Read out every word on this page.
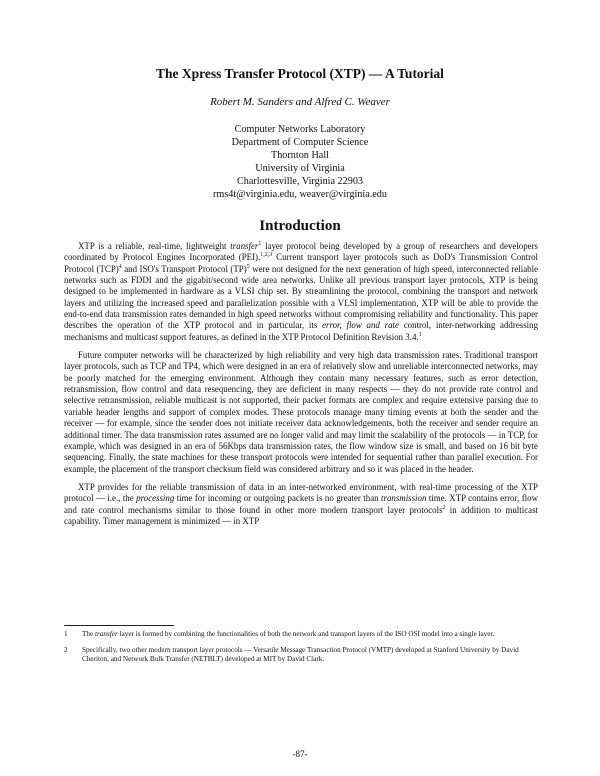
The Xpress Transfer Protocol (XTP) — A Tutorial
Robert M. Sanders and Alfred C. Weaver
Computer Networks Laboratory
Department of Computer Science
Thornton Hall
University of Virginia
Charlottesville, Virginia 22903
rms4t@virginia.edu, weaver@virginia.edu
Introduction

XTP is a reliable, real-time, lightweight transfer$^1$ layer protocol being developed by a group of researchers and developers coordinated by Protocol Engines Incorporated (PEI).$^{1,2,3}$ Current transport layer protocols such as DoD's Transmission Control Protocol (TCP)$^4$ and ISO's Transport Protocol (TP)$^5$ were not designed for the next generation of high speed, interconnected reliable networks such as FDDI and the gigabit/second wide area networks. Unlike all previous transport layer protocols, XTP is being designed to be implemented in hardware as a VLSI chip set. By streamlining the protocol, combining the transport and network layers and utilizing the increased speed and parallelization possible with a VLSI implementation, XTP will be able to provide the end-to-end data transmission rates demanded in high speed networks without compromising reliability and functionality. This paper describes the operation of the XTP protocol and in particular, its error, flow and rate control, inter-networking addressing mechanisms and multicast support features, as defined in the XTP Protocol Definition Revision 3.4.$^1$

Future computer networks will be characterized by high reliability and very high data transmission rates. Traditional transport layer protocols, such as TCP and TP4, which were designed in an era of relatively slow and unreliable interconnected networks, may be poorly matched for the emerging environment. Although they contain many necessary features, such as error detection, retransmission, flow control and data resequencing, they are deficient in many respects — they do not provide rate control and selective retransmission, reliable multicast is not supported, their packet formats are complex and require extensive parsing due to variable header lengths and support of complex modes. These protocols manage many timing events at both the sender and the receiver — for example, since the sender does not initiate receiver data acknowledgements, both the receiver and sender require an additional timer. The data transmission rates assumed are no longer valid and may limit the scalability of the protocols — in TCP, for example, which was designed in an era of 56Kbps data transmission rates, the flow window size is small, and based on 16 bit byte sequencing. Finally, the state machines for these transport protocols were intended for sequential rather than parallel execution. For example, the placement of the transport checksum field was considered arbitrary and so it was placed in the header.

XTP provides for the reliable transmission of data in an inter-networked environment, with real-time processing of the XTP protocol — i.e., the processing time for incoming or outgoing packets is no greater than transmission time. XTP contains error, flow and rate control mechanisms similar to those found in other more modern transport layer protocols$^2$ in addition to multicast capability. Timer management is minimized — in XTP

1 The transfer layer is formed by combining the functionalities of both the network and transport layers of the ISO OSI model into a single layer.
2 Specifically, two other modern transport layer protocols — Versatile Message Transaction Protocol (VMTP) developed at Stanford University by David Cheriton, and Network Bulk Transfer (NETBLT) developed at MIT by David Clark.
-87-
